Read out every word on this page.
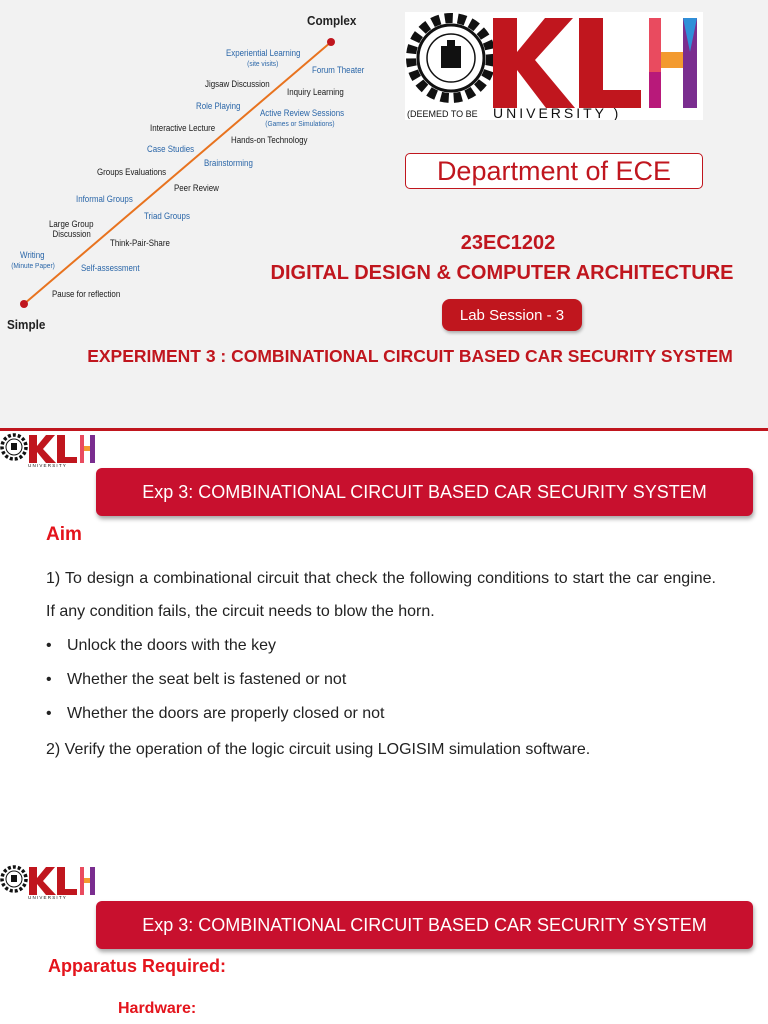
Complex
Simple
Experiential Learning
(site visits)
Forum Theater
Jigsaw Discussion
Inquiry Learning
Role Playing
Active Review Sessions
(Games or Simulations)
Interactive Lecture
Hands-on Technology
Case Studies
Brainstorming
Groups Evaluations
Peer Review
Informal Groups
Triad Groups
Large Group
Discussion
Think-Pair-Share
Writing
(Minute Paper)	Self-assessment
Pause for reflection
(DEEMED TO BE UNIVERSITY )
Department of ECE
23EC1202
DIGITAL DESIGN & COMPUTER ARCHITECTURE
Lab Session - 3
EXPERIMENT 3 : COMBINATIONAL CIRCUIT BASED CAR SECURITY SYSTEM
UNIVERSITY
Exp 3: COMBINATIONAL CIRCUIT BASED CAR SECURITY SYSTEM
Aim
1) To design a combinational circuit that check the following conditions to start the car engine. If any condition fails, the circuit needs to blow the horn.
• Unlock the doors with the key
• Whether the seat belt is fastened or not
• Whether the doors are properly closed or not
2) Verify the operation of the logic circuit using LOGISIM simulation software.
UNIVERSITY
Exp 3: COMBINATIONAL CIRCUIT BASED CAR SECURITY SYSTEM
Apparatus Required:
Hardware:
